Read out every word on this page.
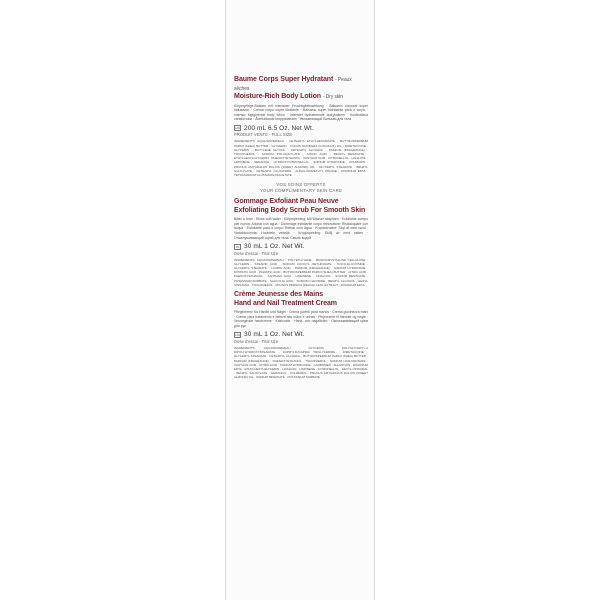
Baume Corps Super Hydratant - Peaux sèches

Moisture-Rich Body Lotion - Dry skin

Körperpflege-Balsam mit intensiver Feuchtigkeitswirkung · Bálsamo corporal super hidratante · Crema corpo super idratante · Bálsamo super hidratante para o corpo · Intensiv fugtgivende body lotion · Intensief hydraterende bodybalsem · Kosteuttava vartalovoide · Återfuktande kroppsbalsam · Увлажняющий бальзам для тела
12M 200 mL 6.5 Oz. Net Wt.
PRODUIT VENTE - FULL SIZE
INGREDIENTS: AQUA/WATER/EAU · CETEARYL ETHYLHEXANOATE · BUTYROSPERMUM PARKII (SHEA) BUTTER · GLYCERIN · COCOS NUCIFERA (COCONUT) OIL · DIMETHICONE · GLYCERIN · BUTYLENE GLYCOL · CETEARYL ALCOHOL · PARFUM (FRAGRANCE) · TOCOPHEROL · SODIUM POLYACRYLATE · CITRIC ACID · BENZYL BENZOATE · ETHYLHEXYLGLYCERIN · PHENOXYETHANOL · XANTHAN GUM · CITRONELLOL · LINALOOL · LIMONENE · GERANIOL · HYDROXYCITRONELLAL · SODIUM HYDROXIDE · COUMARIN · PRUNUS AMYGDALUS DULCIS (SWEET ALMOND) OIL · GLYCERYL STEARATE · BENZYL SALICYLATE · CETEARYL GLUCOSIDE · ALPHA-ISOMETHYL IONONE · DISODIUM EDTA · TETRASODIUM GLUTAMATE DIACETATE
VOS SOINS OFFERTS
YOUR COMPLIMENTARY SKIN CARE

Gommage Exfoliant Peau Neuve

Exfoliating Body Scrub For Smooth Skin

Bitter à l'eau · Rinse with water · Körperpeeling: Mit Wasser abspülen · Exfoliante cuerpo piel nueva: Aclarar con agua · Gommage esfoliante corpo rinnovatore: Risciacquare con acqua · Esfoliante para o corpo: Retirar com água · Kropsskrubbe: Skyl af med vand · Vartalokuorinta: Huuhtele vedellä · Kroppspeeling: Skölj av med vatten · Отшелушивающий скраб для тела: Смыть водой
6M 30 mL 1 Oz. Net Wt.
Dose d'essai - Trial size
INGREDIENTS: AQUA/WATER/EAU · POLYETHYLENE · MICROCRYSTALLINE CELLULOSE · GLYCERIN · STEARIC ACID · SODIUM COCOYL ISETHIONATE · COCO-GLUCOSIDE · GLYCERYL STEARATE · LAURIC ACID · PARFUM (FRAGRANCE) · SODIUM HYDROXIDE · MYRISTIC ACID · PALMITIC ACID · BUTYROSPERMUM PARKII (SHEA) BUTTER · CITRIC ACID · PHENOXYETHANOL · XANTHAN GUM · LIMONENE · LINALOOL · SODIUM BENZOATE · POTASSIUM SORBATE · SALICYLIC ACID · SODIUM CHLORIDE · BENZYL ALCOHOL · HEXYL CINNAMAL · TOCOPHEROL · PRUNUS PERSICA (PEACH) LEAF EXTRACT · DISODIUM EDTA

Crème Jeunesse des Mains

Hand and Nail Treatment Cream

Pflegecreme für Hände und Nägel · Crema juvenil para manos · Crema giovinezza mani · Creme para tratamento e beleza das mãos e unhas · Plejecreme til hænder og negle · Verzorgende handcrème · Käsivoide · Hand- och nagelkräm · Омолаживающий крем для рук
12M 30 mL 1 Oz. Net Wt.
Dose d'essai - Trial size
INGREDIENTS: AQUA/WATER/EAU · GLYCERIN · POLYGLYCERYL-2 DIPOLYHYDROXYSTEARATE · CAPRYLIC/CAPRIC TRIGLYCERIDE · DIMETHICONE · GLYCERYL STEARATE · CETEARYL ALCOHOL · BUTYROSPERMUM PARKII (SHEA) BUTTER · PARFUM (FRAGRANCE) · PHENOXYETHANOL · TOCOPHEROL · SODIUM HYALURONATE · XANTHAN GUM · CITRIC ACID · SODIUM HYDROXIDE · CARBOMER · ALLANTOIN · DISODIUM EDTA · ETHYLHEXYLGLYCERIN · LINALOOL · LIMONENE · CITRONELLOL · HEXYL CINNAMAL · BENZYL SALICYLATE · GERANIOL · COUMARIN · PRUNUS AMYGDALUS DULCIS (SWEET ALMOND) OIL · SODIUM BENZOATE · POTASSIUM SORBATE
